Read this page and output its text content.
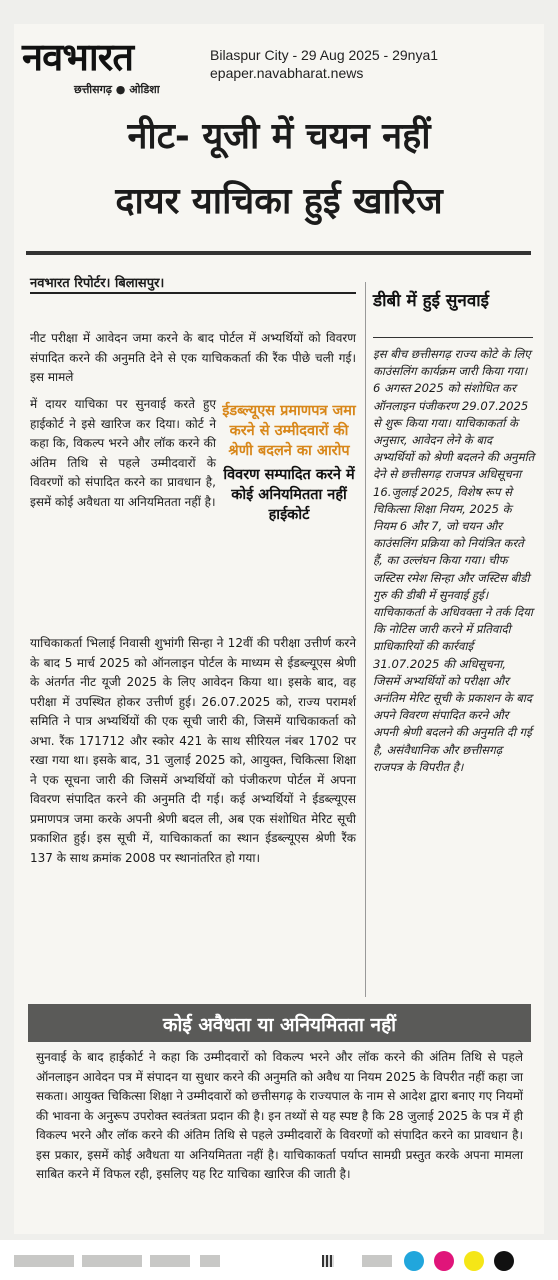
नवभारत
छत्तीसगढ़ ● ओडिशा
Bilaspur City - 29 Aug 2025 - 29nya1
epaper.navabharat.news
नीट- यूजी में चयन नहीं
दायर याचिका हुई खारिज
नवभारत रिपोर्टर। बिलासपुर।
नीट परीक्षा में आवेदन जमा करने के बाद पोर्टल में अभ्यर्थियों को विवरण संपादित करने की अनुमति देने से एक याचिककर्ता की रैंक पीछे चली गई। इस मामले
में दायर याचिका पर सुनवाई करते हुए हाईकोर्ट ने इसे खारिज कर दिया। कोर्ट ने कहा कि, विकल्प भरने और लॉक करने की अंतिम तिथि से पहले उम्मीदवारों के विवरणों को संपादित करने का प्रावधान है, इसमें कोई अवैधता या अनियमितता नहीं है।
ईडब्ल्यूएस प्रमाणपत्र जमा करने से उम्मीदवारों की श्रेणी बदलने का आरोप
विवरण सम्पादित करने में कोई अनियमितता नहीं हाईकोर्ट
याचिकाकर्ता भिलाई निवासी शुभांगी सिन्हा ने 12वीं की परीक्षा उत्तीर्ण करने के बाद 5 मार्च 2025 को ऑनलाइन पोर्टल के माध्यम से ईडब्ल्यूएस श्रेणी के अंतर्गत नीट यूजी 2025 के लिए आवेदन किया था। इसके बाद, वह परीक्षा में उपस्थित होकर उत्तीर्ण हुई। 26.07.2025 को, राज्य परामर्श समिति ने पात्र अभ्यर्थियों की एक सूची जारी की, जिसमें याचिकाकर्ता को अभा. रैंक 171712 और स्कोर 421 के साथ सीरियल नंबर 1702 पर रखा गया था। इसके बाद, 31 जुलाई 2025 को, आयुक्त, चिकित्सा शिक्षा ने एक सूचना जारी की जिसमें अभ्यर्थियों को पंजीकरण पोर्टल में अपना विवरण संपादित करने की अनुमति दी गई। कई अभ्यर्थियों ने ईडब्ल्यूएस प्रमाणपत्र जमा करके अपनी श्रेणी बदल ली, अब एक संशोधित मेरिट सूची प्रकाशित हुई। इस सूची में, याचिकाकर्ता का स्थान ईडब्ल्यूएस श्रेणी रैंक 137 के साथ क्रमांक 2008 पर स्थानांतरित हो गया।
डीबी में हुई सुनवाई
इस बीच छत्तीसगढ़ राज्य कोटे के लिए काउंसलिंग कार्यक्रम जारी किया गया। 6 अगस्त 2025 को संशोधित कर ऑनलाइन पंजीकरण 29.07.2025 से शुरू किया गया। याचिकाकर्ता के अनुसार, आवेदन लेने के बाद अभ्यर्थियों को श्रेणी बदलने की अनुमति देने से छत्तीसगढ़ राजपत्र अधिसूचना 16.जुलाई 2025, विशेष रूप से चिकित्सा शिक्षा नियम, 2025 के नियम 6 और 7, जो चयन और काउंसलिंग प्रक्रिया को नियंत्रित करते हैं, का उल्लंघन किया गया। चीफ जस्टिस रमेश सिन्हा और जस्टिस बीडी गुरु की डीबी में सुनवाई हुई। याचिकाकर्ता के अधिवक्ता ने तर्क दिया कि नोटिस जारी करने में प्रतिवादी प्राधिकारियों की कार्रवाई 31.07.2025 की अधिसूचना, जिसमें अभ्यर्थियों को परीक्षा और अनंतिम मेरिट सूची के प्रकाशन के बाद अपने विवरण संपादित करने और अपनी श्रेणी बदलने की अनुमति दी गई है, असंवैधानिक और छत्तीसगढ़ राजपत्र के विपरीत है।
कोई अवैधता या अनियमितता नहीं
सुनवाई के बाद हाईकोर्ट ने कहा कि उम्मीदवारों को विकल्प भरने और लॉक करने की अंतिम तिथि से पहले ऑनलाइन आवेदन पत्र में संपादन या सुधार करने की अनुमति को अवैध या नियम 2025 के विपरीत नहीं कहा जा सकता। आयुक्त चिकित्सा शिक्षा ने उम्मीदवारों को छत्तीसगढ़ के राज्यपाल के नाम से आदेश द्वारा बनाए गए नियमों की भावना के अनुरूप उपरोक्त स्वतंत्रता प्रदान की है। इन तथ्यों से यह स्पष्ट है कि 28 जुलाई 2025 के पत्र में ही विकल्प भरने और लॉक करने की अंतिम तिथि से पहले उम्मीदवारों के विवरणों को संपादित करने का प्रावधान है। इस प्रकार, इसमें कोई अवैधता या अनियमितता नहीं है। याचिकाकर्ता पर्याप्त सामग्री प्रस्तुत करके अपना मामला साबित करने में विफल रही, इसलिए यह रिट याचिका खारिज की जाती है।
